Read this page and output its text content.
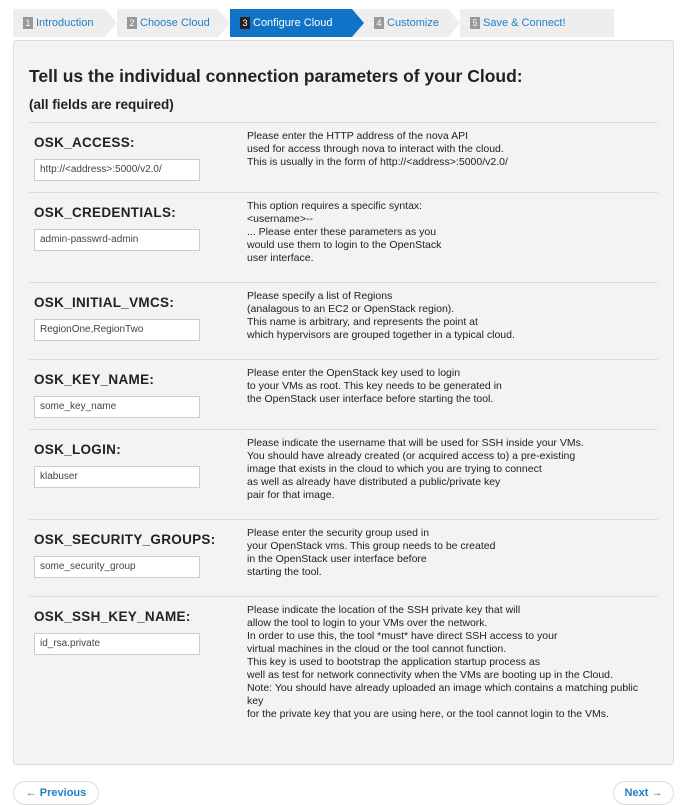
1 Introduction	2 Choose Cloud	3 Configure Cloud	4 Customize	5 Save & Connect!
Tell us the individual connection parameters of your Cloud:
(all fields are required)
OSK_ACCESS:
http://<address>:5000/v2.0/
Please enter the HTTP address of the nova API
used for access through nova to interact with the cloud.
This is usually in the form of http://<address>:5000/v2.0/
OSK_CREDENTIALS:
admin-passwrd-admin
This option requires a specific syntax:
<username>--
... Please enter these parameters as you
would use them to login to the OpenStack
user interface.
OSK_INITIAL_VMCS:
RegionOne,RegionTwo
Please specify a list of Regions
(analagous to an EC2 or OpenStack region).
This name is arbitrary, and represents the point at
which hypervisors are grouped together in a typical cloud.
OSK_KEY_NAME:
some_key_name
Please enter the OpenStack key used to login
to your VMs as root. This key needs to be generated in
the OpenStack user interface before starting the tool.
OSK_LOGIN:
klabuser
Please indicate the username that will be used for SSH inside your VMs.
You should have already created (or acquired access to) a pre-existing
image that exists in the cloud to which you are trying to connect
as well as already have distributed a public/private key
pair for that image.
OSK_SECURITY_GROUPS:
some_security_group
Please enter the security group used in
your OpenStack vms. This group needs to be created
in the OpenStack user interface before
starting the tool.
OSK_SSH_KEY_NAME:
id_rsa.private
Please indicate the location of the SSH private key that will
allow the tool to login to your VMs over the network.
In order to use this, the tool *must* have direct SSH access to your
virtual machines in the cloud or the tool cannot function.
This key is used to bootstrap the application startup process as
well as test for network connectivity when the VMs are booting up in the Cloud.
Note: You should have already uploaded an image which contains a matching public
key
for the private key that you are using here, or the tool cannot login to the VMs.
← Previous	Next →
